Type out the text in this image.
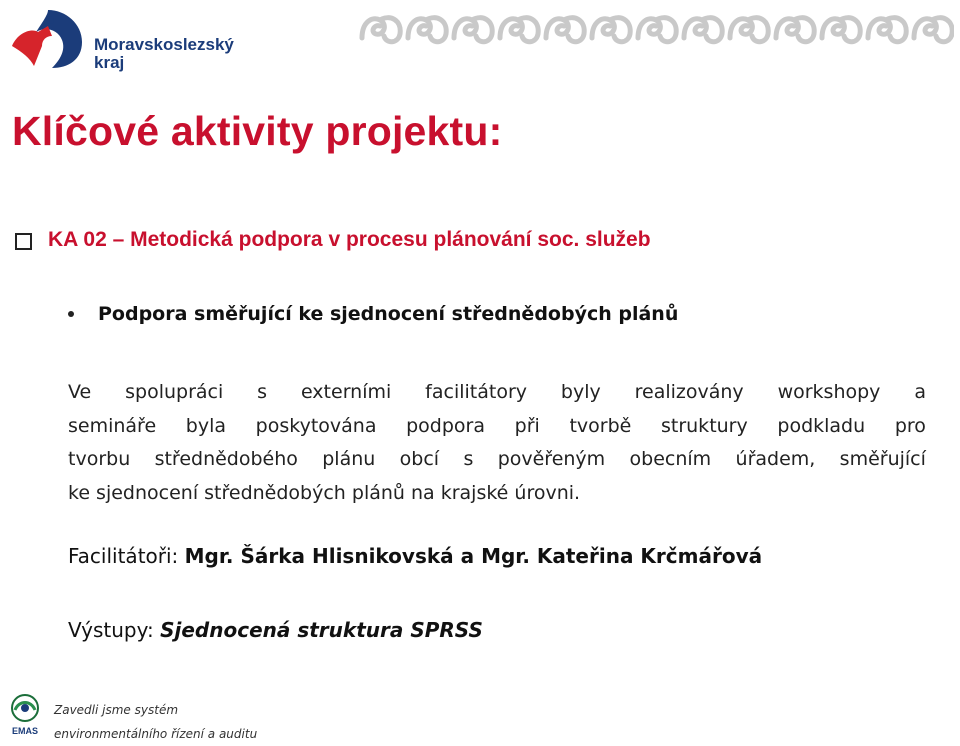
Moravskoslezský
kraj
Klíčové aktivity projektu:
KA 02 – Metodická podpora v procesu plánování soc. služeb
Podpora směřující ke sjednocení střednědobých plánů
Ve spolupráci s externími facilitátory byly realizovány workshopy a
semináře byla poskytována podpora při tvorbě struktury podkladu pro
tvorbu střednědobého plánu obcí s pověřeným obecním úřadem, směřující
ke sjednocení střednědobých plánů na krajské úrovni.
Facilitátoři: Mgr. Šárka Hlisnikovská a Mgr. Kateřina Krčmářová
Výstupy: Sjednocená struktura SPRSS
EMAS
Zavedli jsme systém
environmentálního řízení a auditu
